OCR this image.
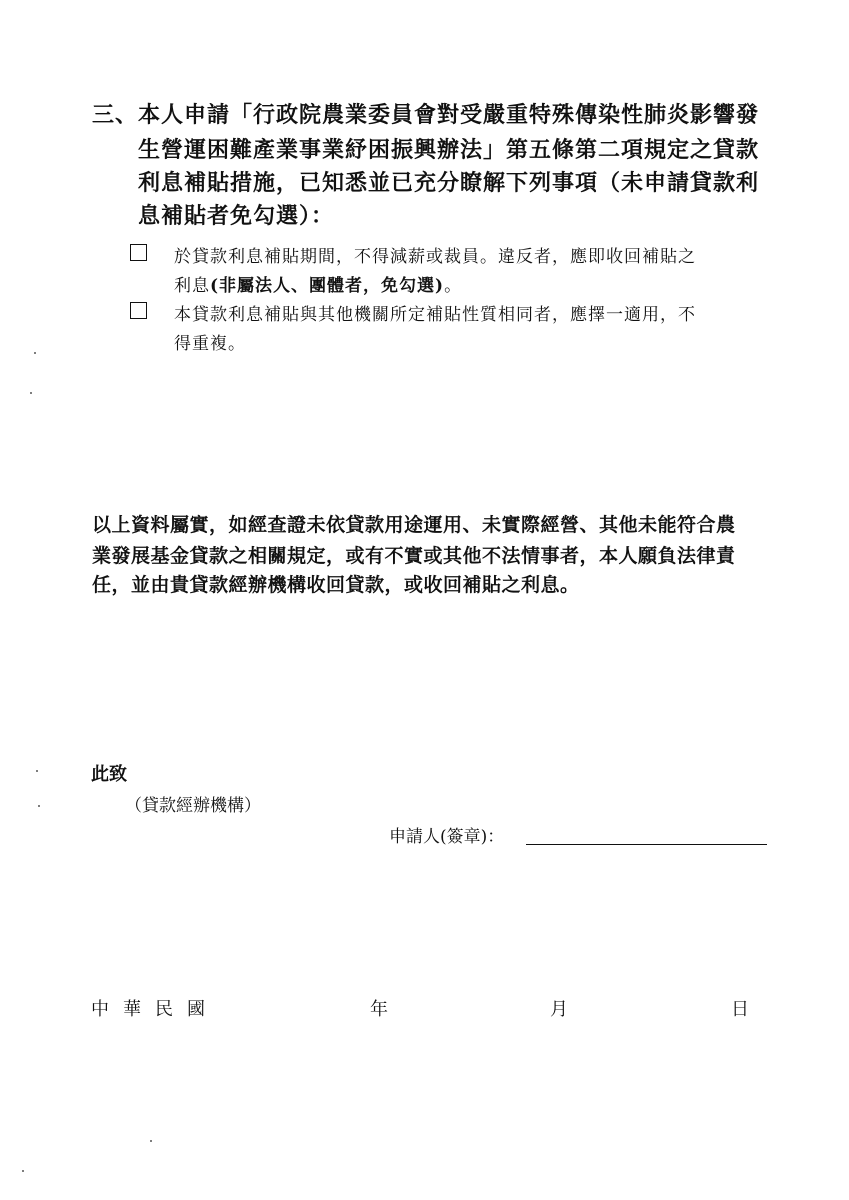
三、 本人申請「行政院農業委員會對受嚴重特殊傳染性肺炎影響發
生營運困難產業事業紓困振興辦法」第五條第二項規定之貸款
利息補貼措施，已知悉並已充分瞭解下列事項（未申請貸款利
息補貼者免勾選）：
於貸款利息補貼期間，不得減薪或裁員。違反者，應即收回補貼之
利息(非屬法人、團體者，免勾選)。
本貸款利息補貼與其他機關所定補貼性質相同者，應擇一適用，不
得重複。
以上資料屬實，如經查證未依貸款用途運用、未實際經營、其他未能符合農
業發展基金貸款之相關規定，或有不實或其他不法情事者，本人願負法律責
任，並由貴貸款經辦機構收回貸款，或收回補貼之利息。
此致
（貸款經辦機構）
申請人(簽章)：
中華民國	年	月	日
